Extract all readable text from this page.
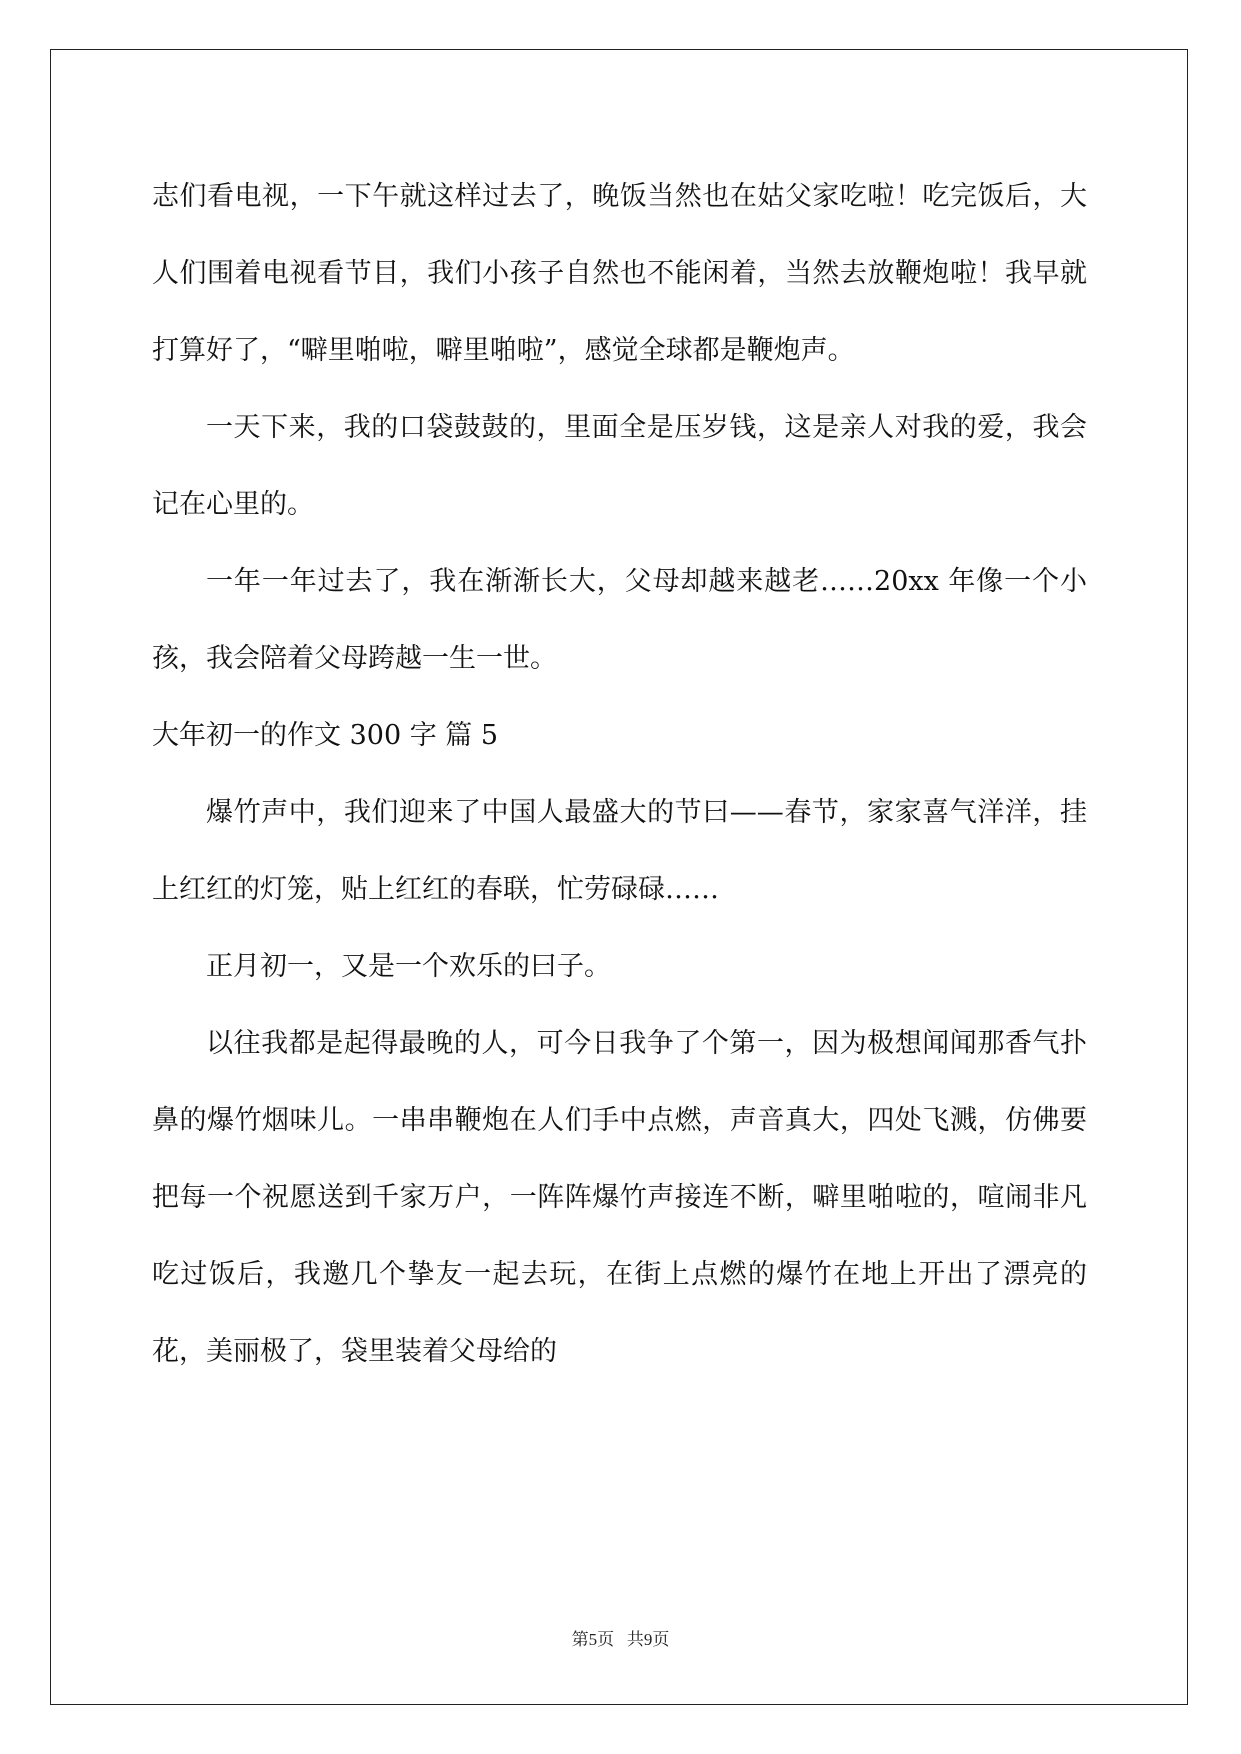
志们看电视，一下午就这样过去了，晚饭当然也在姑父家吃啦！吃完饭后，大人们围着电视看节目，我们小孩子自然也不能闲着，当然去放鞭炮啦！我早就打算好了，“噼里啪啦，噼里啪啦”，感觉全球都是鞭炮声。

一天下来，我的口袋鼓鼓的，里面全是压岁钱，这是亲人对我的爱，我会记在心里的。

一年一年过去了，我在渐渐长大，父母却越来越老……20xx 年像一个小孩，我会陪着父母跨越一生一世。

大年初一的作文 300 字 篇 5

爆竹声中，我们迎来了中国人最盛大的节曰——春节，家家喜气洋洋，挂上红红的灯笼，贴上红红的春联，忙劳碌碌……

正月初一，又是一个欢乐的曰子。

以往我都是起得最晚的人，可今日我争了个第一，因为极想闻闻那香气扑鼻的爆竹烟味儿。一串串鞭炮在人们手中点燃，声音真大，四处飞溅，仿佛要把每一个祝愿送到千家万户，一阵阵爆竹声接连不断，噼里啪啦的，喧闹非凡吃过饭后，我邀几个挚友一起去玩，在街上点燃的爆竹在地上开出了漂亮的花，美丽极了，袋里装着父母给的

第5页   共9页
